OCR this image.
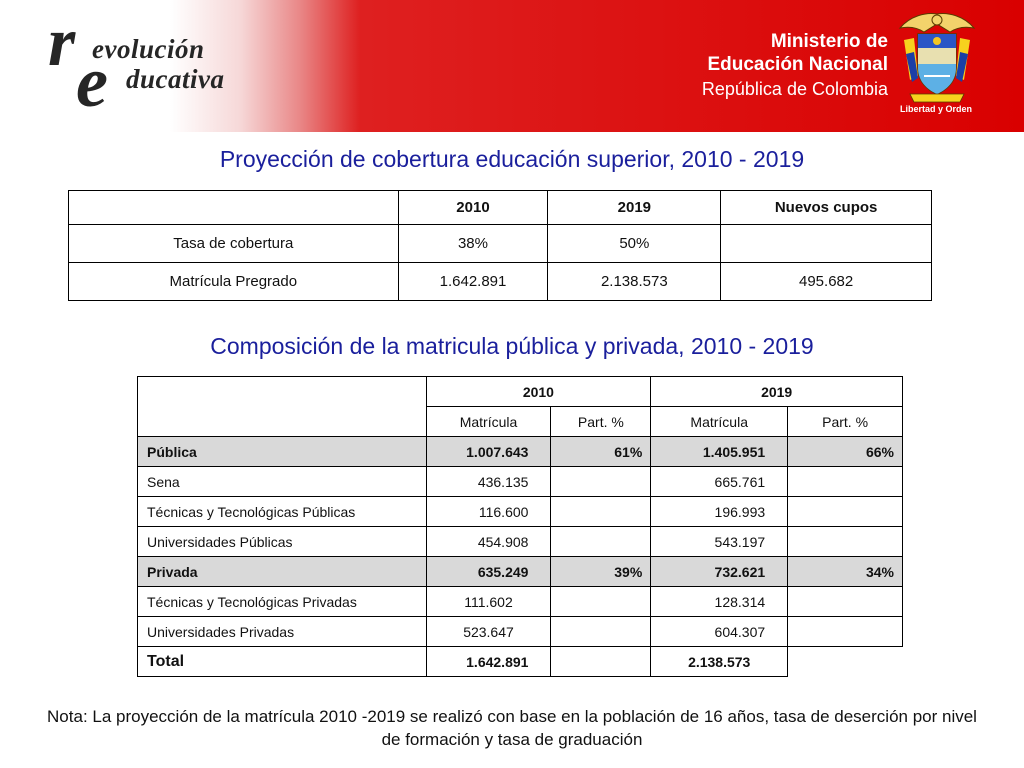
r evolución
e ducativa
Ministerio de
Educación Nacional
República de Colombia
Libertad y Orden
Proyección de cobertura educación superior, 2010 - 2019
	2010	2019	Nuevos cupos
Tasa de cobertura	38%	50%	
Matrícula Pregrado	1.642.891	2.138.573	495.682
Composición de la matricula pública y privada, 2010 - 2019
	2010		2019	
	Matrícula	Part. %	Matrícula	Part. %
Pública	1.007.643	61%	1.405.951	66%
Sena	436.135		665.761	
Técnicas y Tecnológicas Públicas	116.600		196.993	
Universidades Públicas	454.908		543.197	
Privada	635.249	39%	732.621	34%
Técnicas y Tecnológicas Privadas	111.602		128.314	
Universidades Privadas	523.647		604.307	
Total	1.642.891		2.138.573	
Nota: La proyección de la matrícula 2010 -2019 se realizó con base en la población de 16 años, tasa de deserción por nivel de formación y tasa de graduación
